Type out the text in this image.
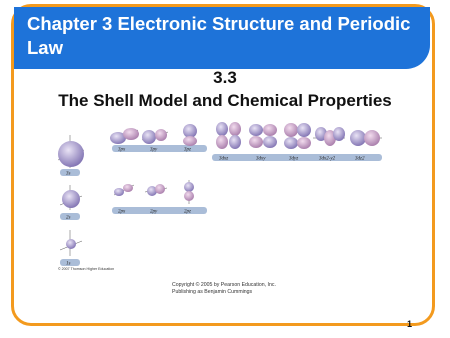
Chapter 3 Electronic Structure and Periodic Law
3.3
The Shell Model and Chemical Properties
3s
2s
1s
3px	3py	3pz
2px	2py	2pz
3dxz	3dxy	3dyz	3dx2-y2	3dz2
© 2007 Thomson Higher Education
Copyright © 2005 by Pearson Education, Inc.
Publishing as Benjamin Cummings
1
